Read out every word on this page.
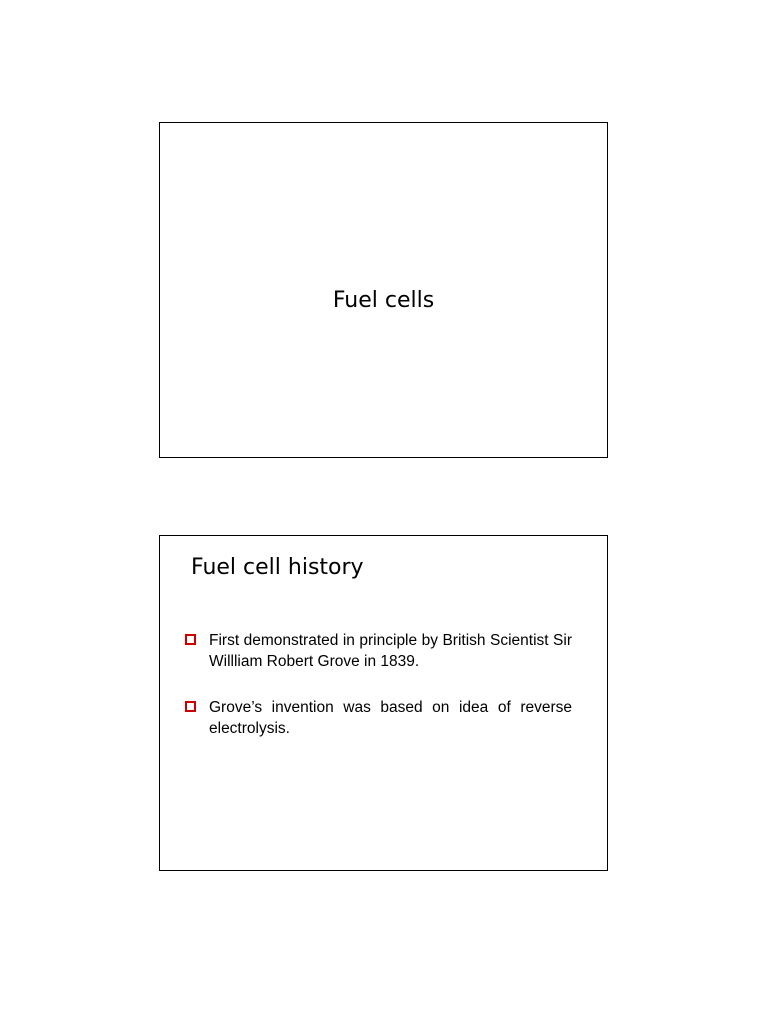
Fuel cells
Fuel cell history
First demonstrated in principle by British Scientist Sir Willliam Robert Grove in 1839.
Grove’s invention was based on idea of reverse electrolysis.
